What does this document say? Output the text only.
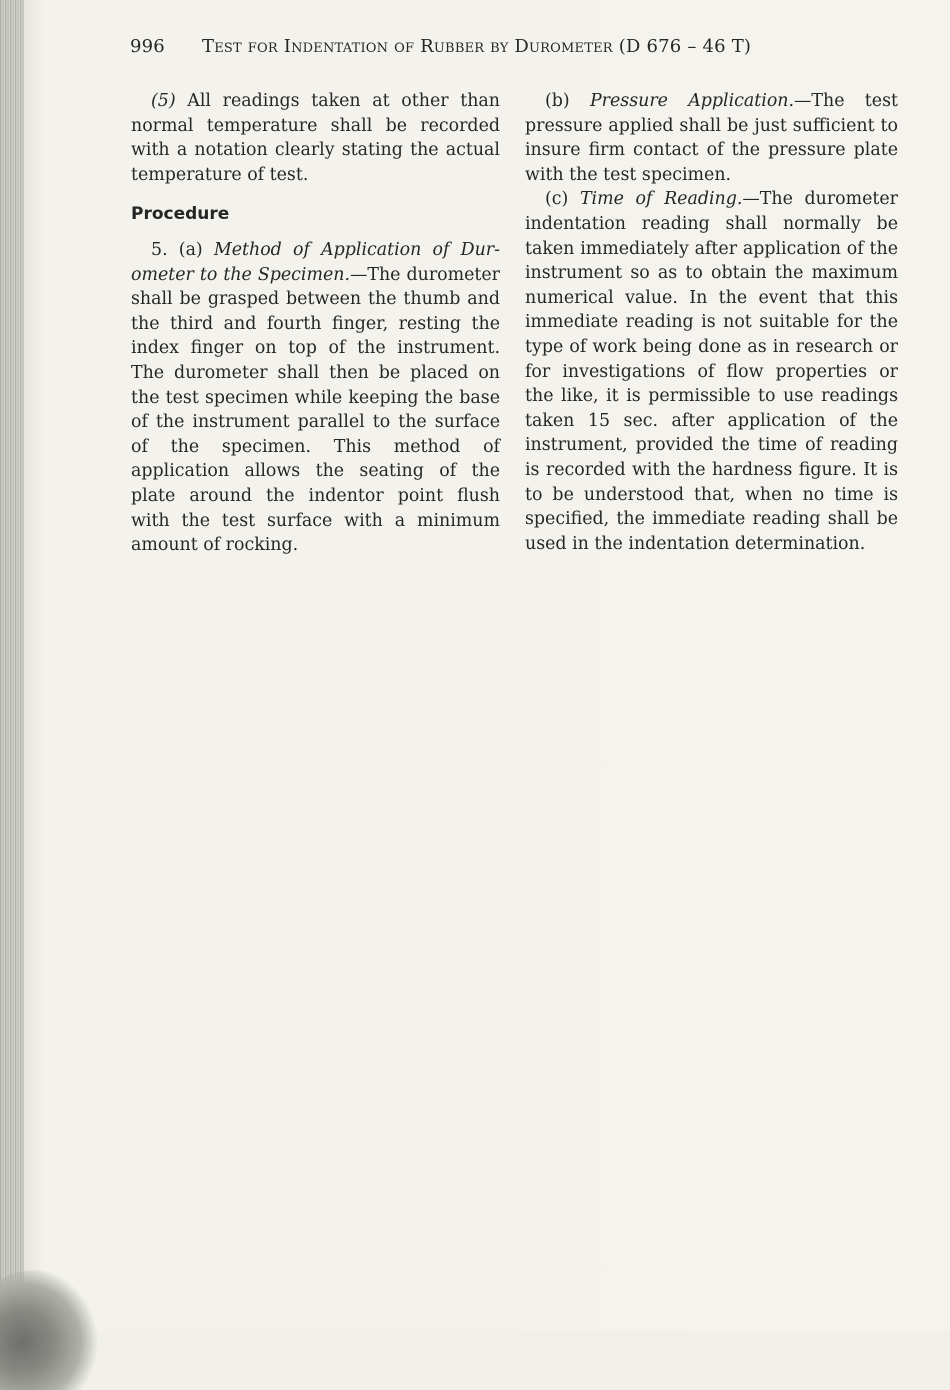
996 Test for Indentation of Rubber by Durometer (D 676 – 46 T)

(5) All readings taken at other than normal temperature shall be recorded with a notation clearly stating the actual temperature of test.

Procedure

5. (a) Method of Application of Durometer to the Specimen.—The durometer shall be grasped between the thumb and the third and fourth finger, resting the index finger on top of the instrument. The durometer shall then be placed on the test specimen while keeping the base of the instrument parallel to the surface of the specimen. This method of application allows the seating of the plate around the indentor point flush with the test surface with a minimum amount of rocking.

(b) Pressure Application.—The test pressure applied shall be just sufficient to insure firm contact of the pressure plate with the test specimen.

(c) Time of Reading.—The durometer indentation reading shall normally be taken immediately after application of the instrument so as to obtain the maximum numerical value. In the event that this immediate reading is not suitable for the type of work being done as in research or for investigations of flow properties or the like, it is permissible to use readings taken 15 sec. after application of the instrument, provided the time of reading is recorded with the hardness figure. It is to be understood that, when no time is specified, the immediate reading shall be used in the indentation determination.
